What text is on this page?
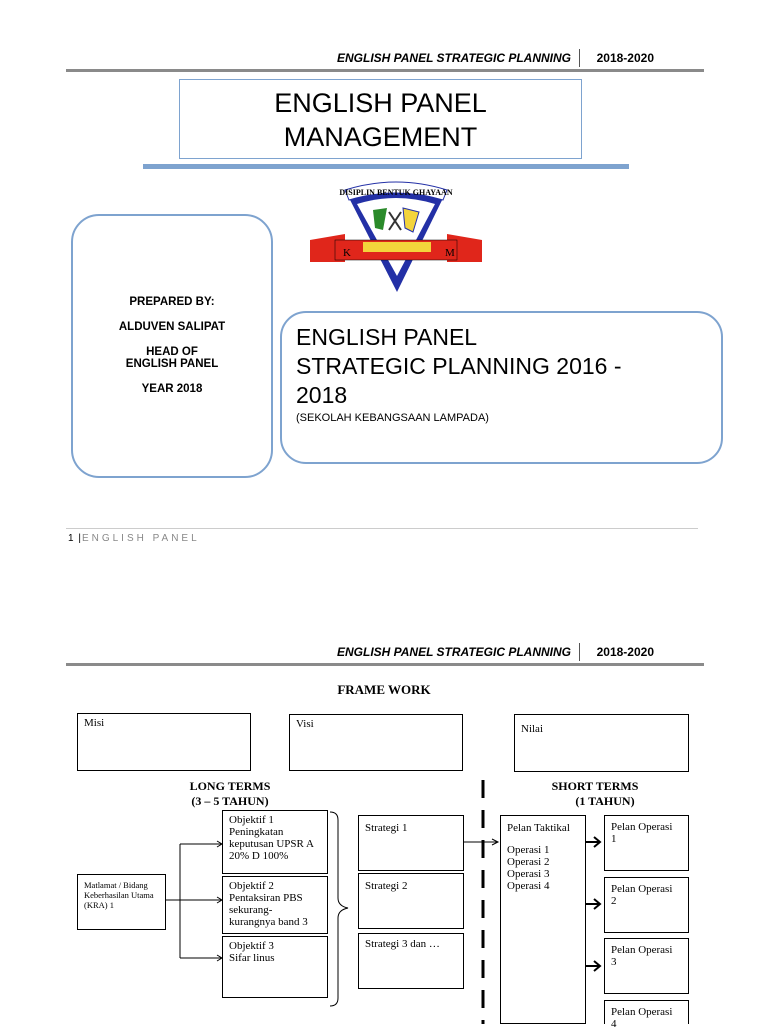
ENGLISH PANEL STRATEGIC PLANNING 2018-2020
ENGLISH PANEL
MANAGEMENT
DISIPLIN BENTUK GHAYAAN
K	M
PREPARED BY:
ALDUVEN SALIPAT
HEAD OF
ENGLISH PANEL
YEAR 2018
ENGLISH PANEL
STRATEGIC PLANNING 2016 -
2018
(SEKOLAH KEBANGSAAN LAMPADA)
1 |ENGLISH PANEL
ENGLISH PANEL STRATEGIC PLANNING 2018-2020
FRAME WORK
Misi	Visi	Nilai
LONG TERMS
(3 – 5 TAHUN)
SHORT TERMS
(1 TAHUN)
Matlamat / Bidang
Keberhasilan Utama
(KRA) 1
Objektif 1
Peningkatan
keputusan UPSR A
20% D 100%
Objektif 2
Pentaksiran PBS
sekurang-
kurangnya band 3
Objektif 3
Sifar linus
Strategi 1
Strategi 2
Strategi 3 dan …
Pelan Taktikal
Operasi 1
Operasi 2
Operasi 3
Operasi 4
Pelan Operasi
1
Pelan Operasi
2
Pelan Operasi
3
Pelan Operasi
4
